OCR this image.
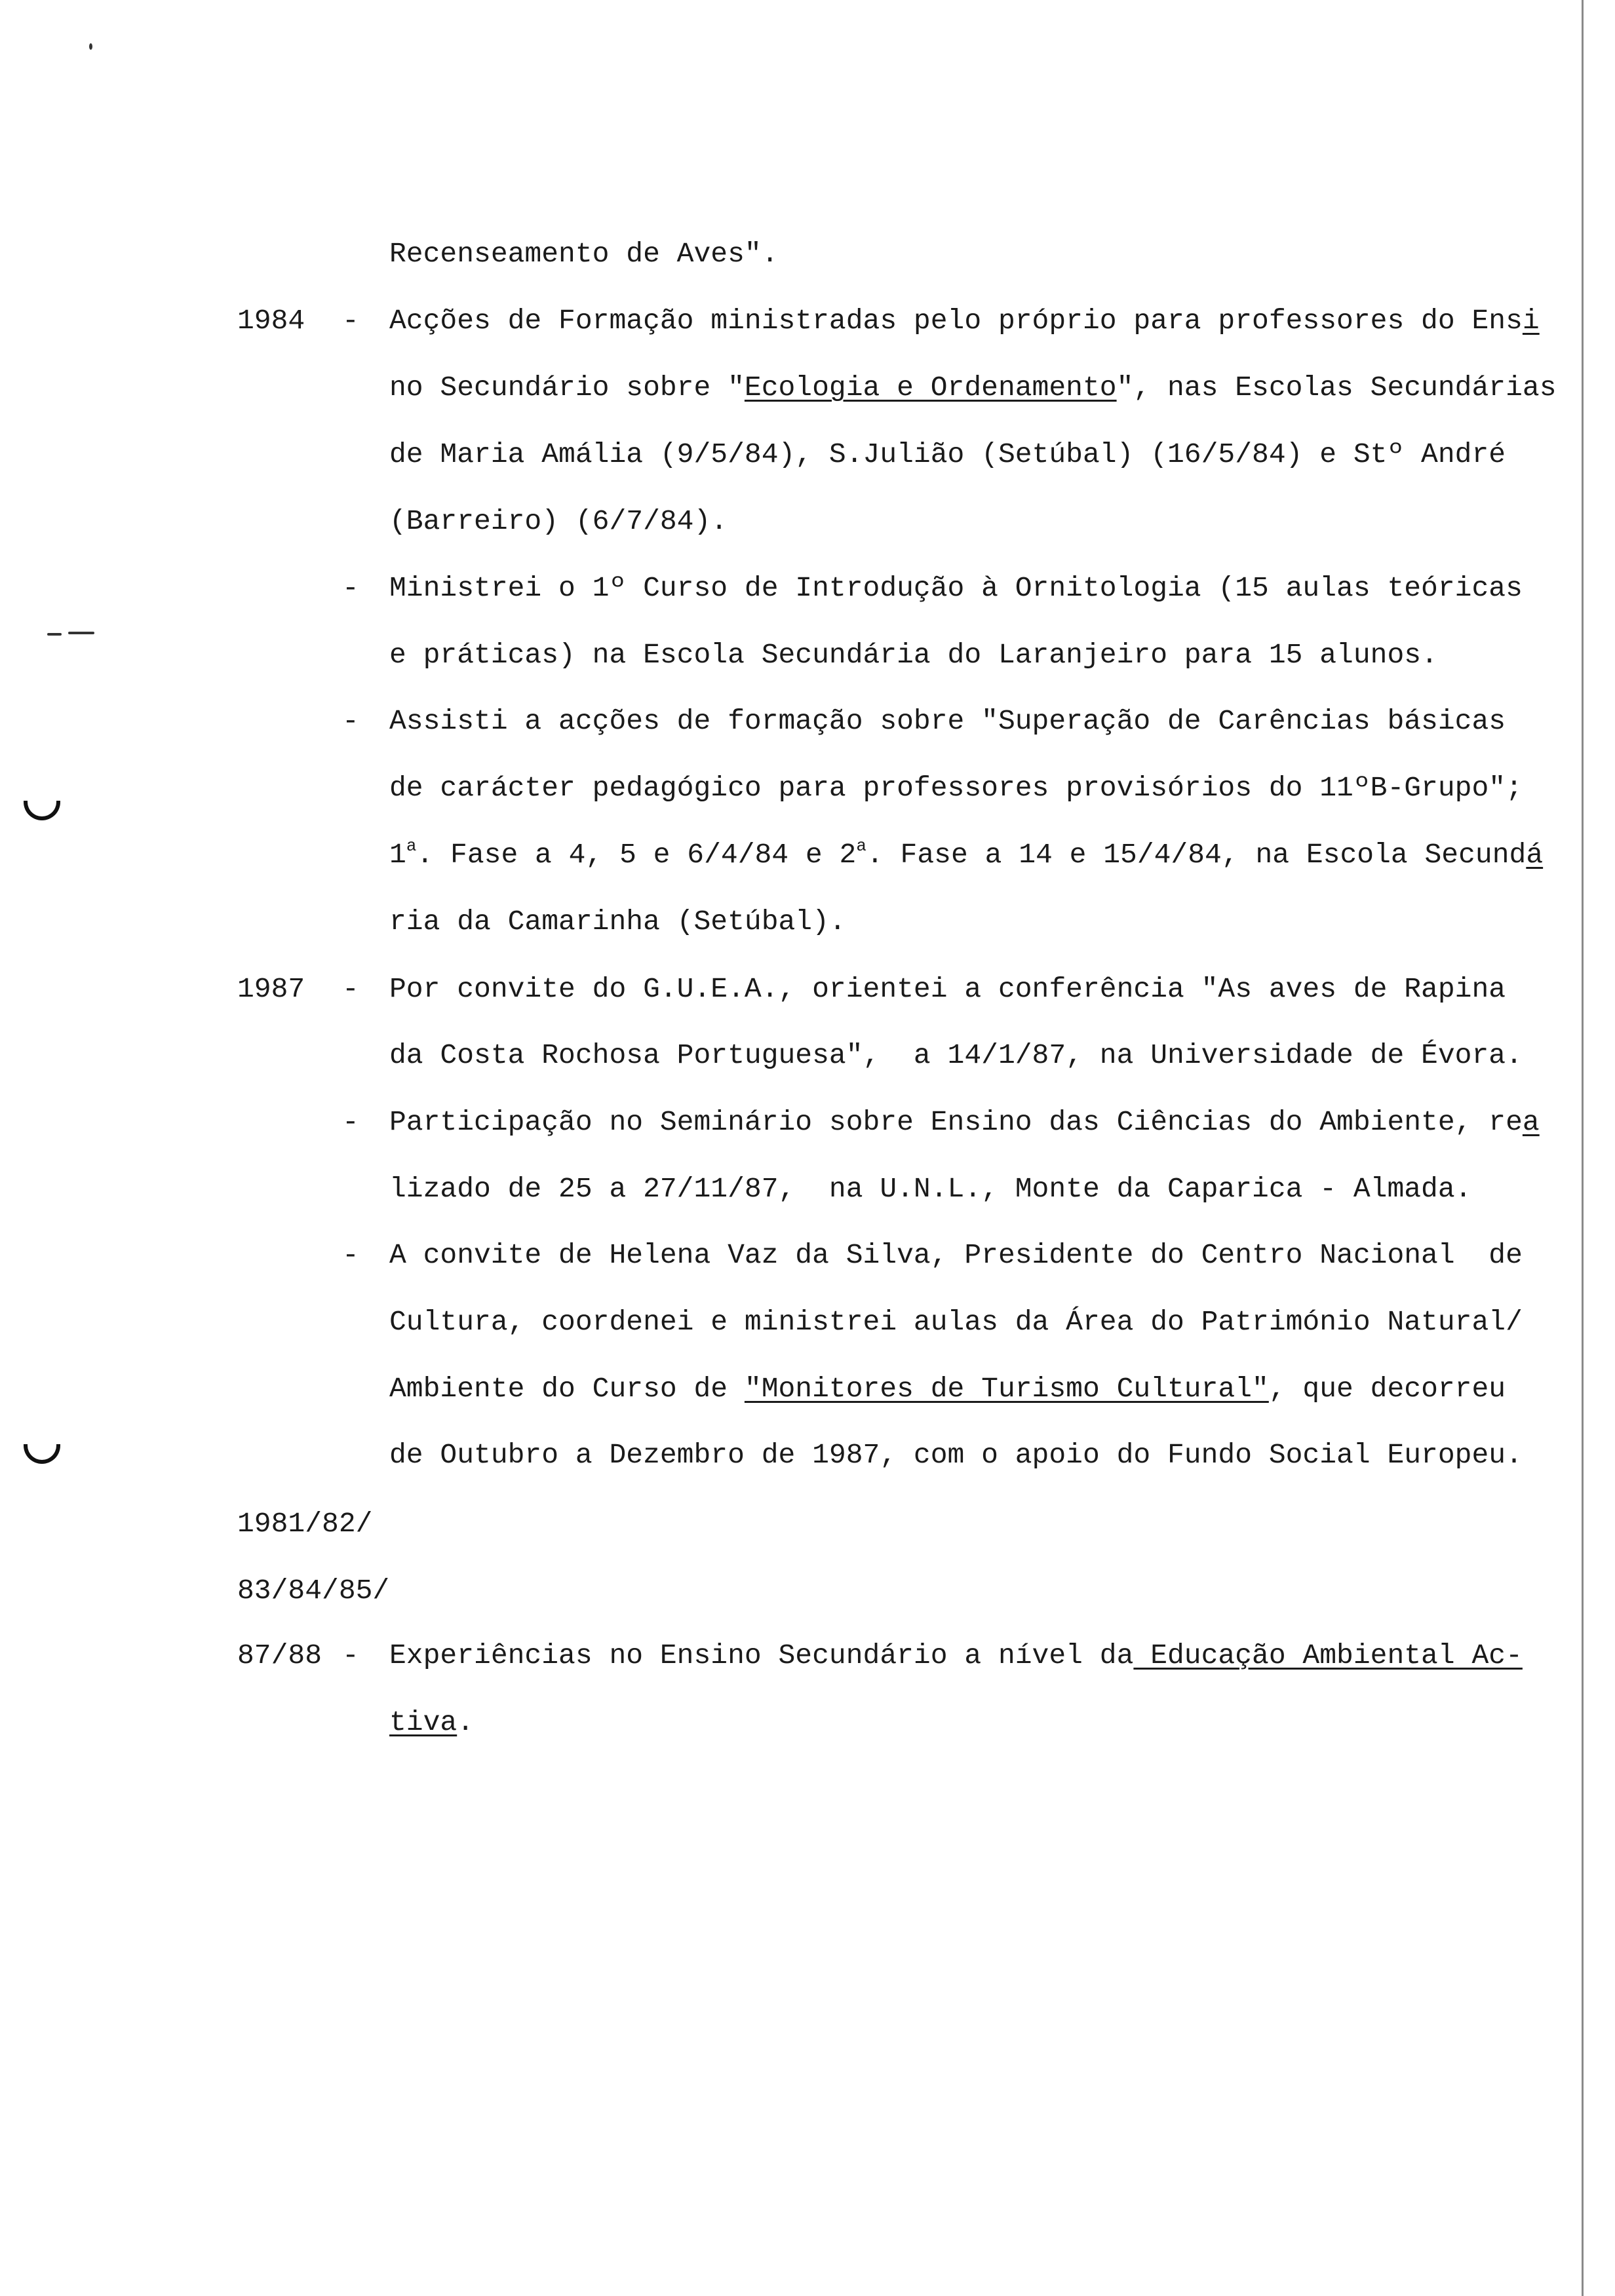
Recenseamento de Aves".
1984 - Acções de Formação ministradas pelo próprio para professores do Ensi
no Secundário sobre "Ecologia e Ordenamento", nas Escolas Secundárias
de Maria Amália (9/5/84), S.Julião (Setúbal) (16/5/84) e Stº André
(Barreiro) (6/7/84).
- Ministrei o 1º Curso de Introdução à Ornitologia (15 aulas teóricas
e práticas) na Escola Secundária do Laranjeiro para 15 alunos.
- Assisti a acções de formação sobre "Superação de Carências básicas
de carácter pedagógico para professores provisórios do 11ºB-Grupo";
1$^a$. Fase a 4, 5 e 6/4/84 e 2$^a$. Fase a 14 e 15/4/84, na Escola Secundá
ria da Camarinha (Setúbal).
1987 - Por convite do G.U.E.A., orientei a conferência "As aves de Rapina
da Costa Rochosa Portuguesa",  a 14/1/87, na Universidade de Évora.
- Participação no Seminário sobre Ensino das Ciências do Ambiente, rea
lizado de 25 a 27/11/87,  na U.N.L., Monte da Caparica - Almada.
- A convite de Helena Vaz da Silva, Presidente do Centro Nacional  de
Cultura, coordenei e ministrei aulas da Área do Património Natural/
Ambiente do Curso de "Monitores de Turismo Cultural", que decorreu
de Outubro a Dezembro de 1987, com o apoio do Fundo Social Europeu.
1981/82/
83/84/85/
87/88 - Experiências no Ensino Secundário a nível da Educação Ambiental Ac-
tiva.
